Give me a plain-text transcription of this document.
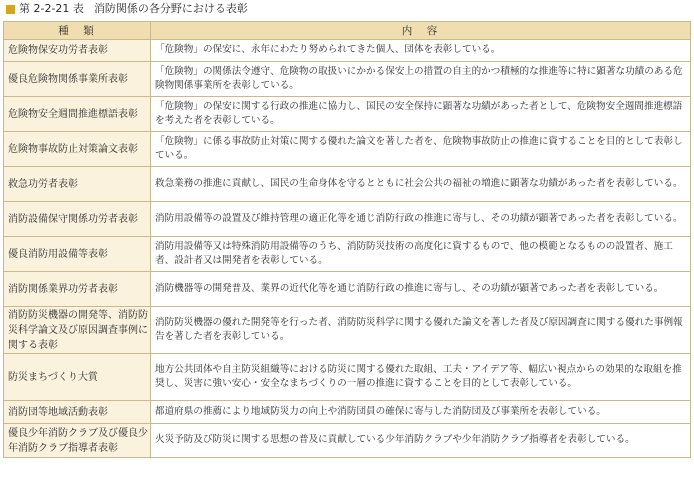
第 2-2-21 表 消防関係の各分野における表彰
種　類	内　容
危険物保安功労者表彰	「危険物」の保安に、永年にわたり努められてきた個人、団体を表彰している。
優良危険物関係事業所表彰	「危険物」の関係法令遵守、危険物の取扱いにかかる保安上の措置の自主的かつ積極的な推進等に特に顕著な功績のある危険物関係事業所を表彰している。
危険物安全週間推進標語表彰	「危険物」の保安に関する行政の推進に協力し、国民の安全保持に顕著な功績があった者として、危険物安全週間推進標語を考えた者を表彰している。
危険物事故防止対策論文表彰	「危険物」に係る事故防止対策に関する優れた論文を著した者を、危険物事故防止の推進に資することを目的として表彰している。
救急功労者表彰	救急業務の推進に貢献し、国民の生命身体を守るとともに社会公共の福祉の増進に顕著な功績があった者を表彰している。
消防設備保守関係功労者表彰	消防用設備等の設置及び維持管理の適正化等を通じ消防行政の推進に寄与し、その功績が顕著であった者を表彰している。
優良消防用設備等表彰	消防用設備等又は特殊消防用設備等のうち、消防防災技術の高度化に資するもので、他の模範となるものの設置者、施工者、設計者又は開発者を表彰している。
消防関係業界功労者表彰	消防機器等の開発普及、業界の近代化等を通じ消防行政の推進に寄与し、その功績が顕著であった者を表彰している。
消防防災機器の開発等、消防防災科学論文及び原因調査事例に関する表彰	消防防災機器の優れた開発等を行った者、消防防災科学に関する優れた論文を著した者及び原因調査に関する優れた事例報告を著した者を表彰している。
防災まちづくり大賞	地方公共団体や自主防災組織等における防災に関する優れた取組、工夫・アイデア等、幅広い視点からの効果的な取組を推奨し、災害に強い安心・安全なまちづくりの一層の推進に資することを目的として表彰している。
消防団等地域活動表彰	都道府県の推薦により地域防災力の向上や消防団員の確保に寄与した消防団及び事業所を表彰している。
優良少年消防クラブ及び優良少年消防クラブ指導者表彰	火災予防及び防災に関する思想の普及に貢献している少年消防クラブや少年消防クラブ指導者を表彰している。
